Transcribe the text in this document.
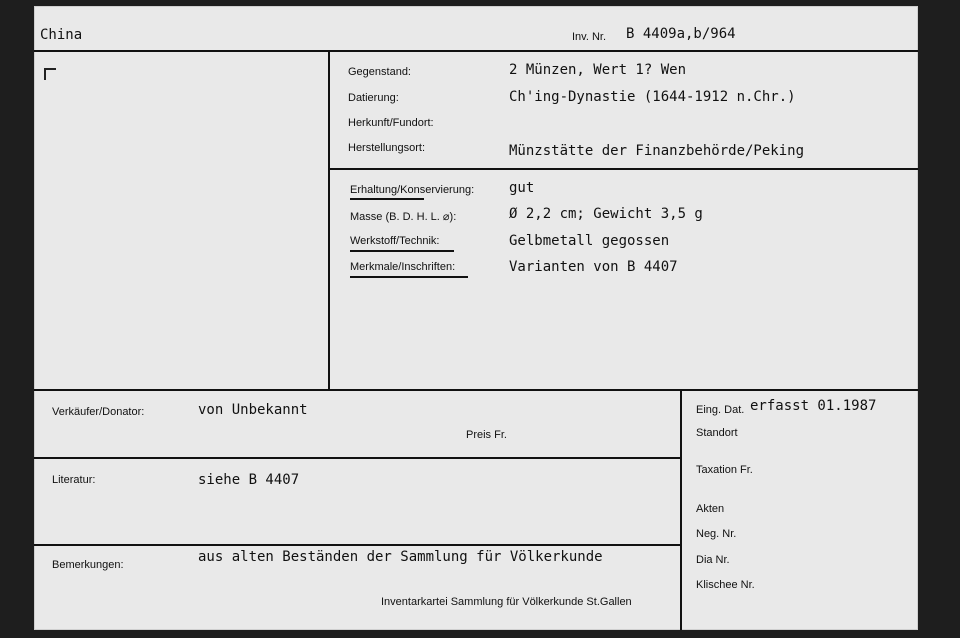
China	Inv. Nr. B 4409a,b/964
Gegenstand:	2 Münzen, Wert 1? Wen
Datierung:	Ch'ing-Dynastie (1644-1912 n.Chr.)
Herkunft/Fundort:
Herstellungsort:	Münzstätte der Finanzbehörde/Peking
Erhaltung/Konservierung: gut
Masse (B. D. H. L. ⌀):	Ø 2,2 cm; Gewicht 3,5 g
Werkstoff/Technik:	Gelbmetall gegossen
Merkmale/Inschriften:	Varianten von B 4407
Verkäufer/Donator:	von Unbekannt
Preis Fr.
Literatur:	siehe B 4407
Bemerkungen:	aus alten Beständen der Sammlung für Völkerkunde
Inventarkartei Sammlung für Völkerkunde St.Gallen
Eing. Dat. erfasst 01.1987
Standort
Taxation Fr.
Akten
Neg. Nr.
Dia Nr.
Klischee Nr.
